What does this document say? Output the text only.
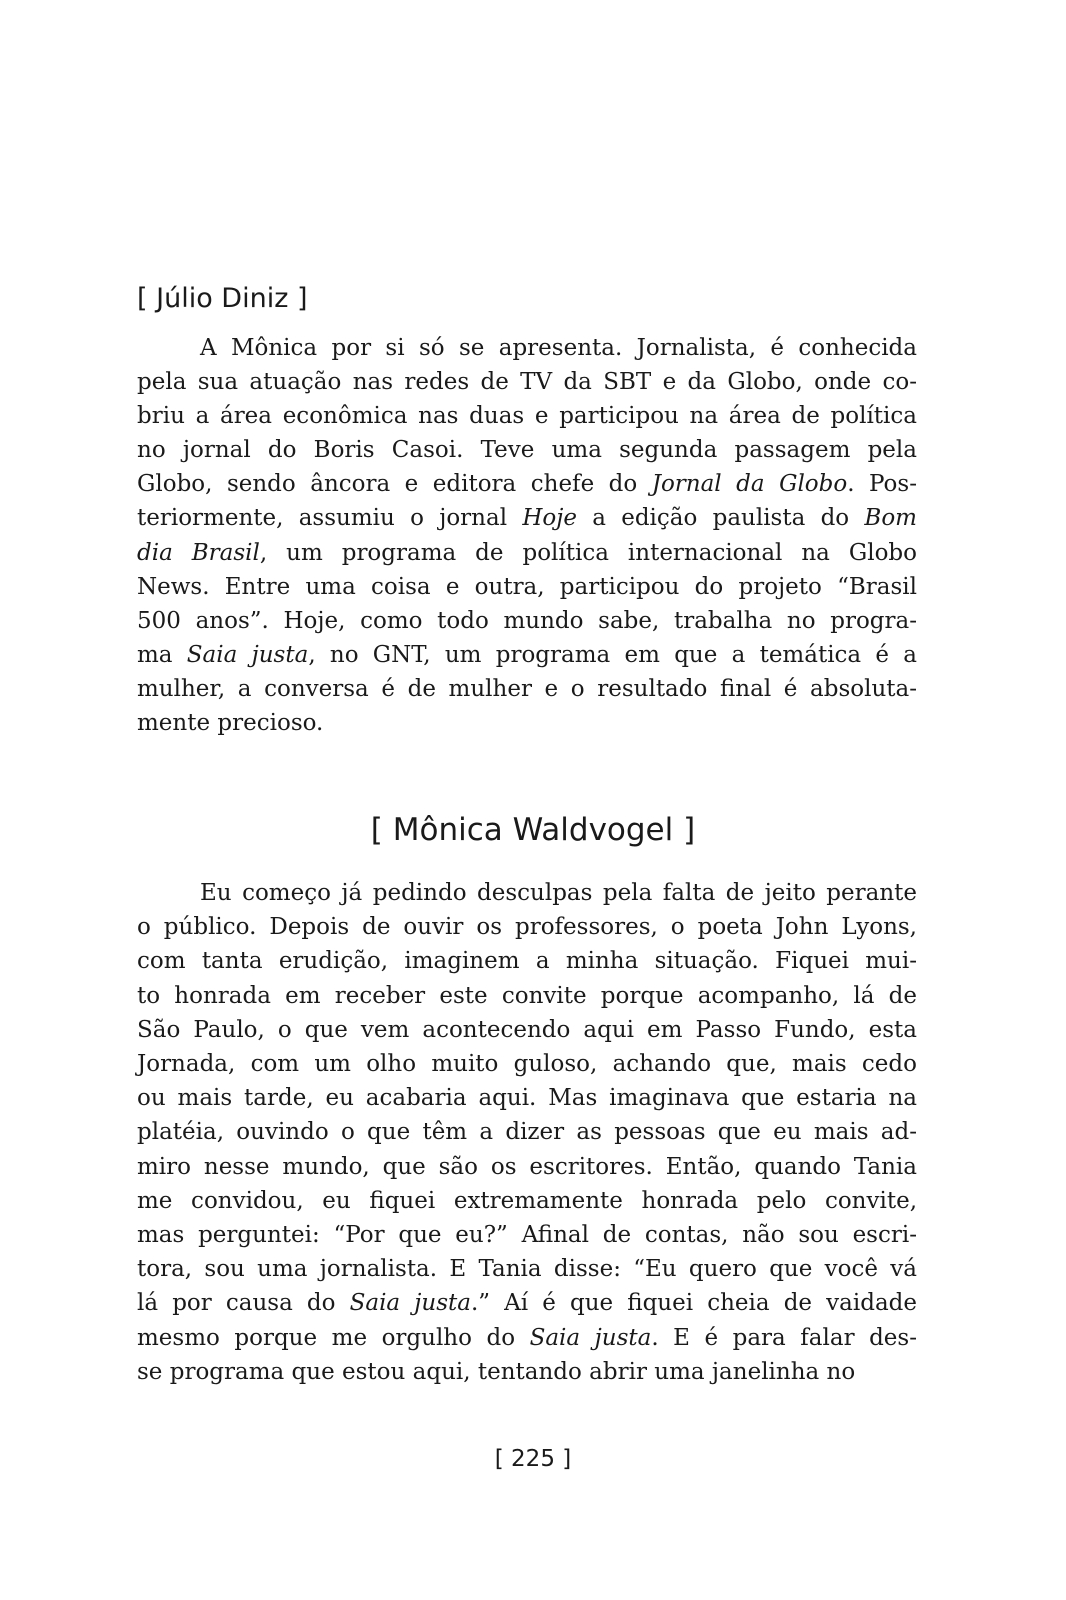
[ Júlio Diniz ]

A Mônica por si só se apresenta. Jornalista, é conhecida
pela sua atuação nas redes de TV da SBT e da Globo, onde co-
briu a área econômica nas duas e participou na área de política
no jornal do Boris Casoi. Teve uma segunda passagem pela
Globo, sendo âncora e editora chefe do Jornal da Globo. Pos-
teriormente, assumiu o jornal Hoje a edição paulista do Bom
dia Brasil, um programa de política internacional na Globo
News. Entre uma coisa e outra, participou do projeto “Brasil
500 anos”. Hoje, como todo mundo sabe, trabalha no progra-
ma Saia justa, no GNT, um programa em que a temática é a
mulher, a conversa é de mulher e o resultado final é absoluta-
mente precioso.

[ Mônica Waldvogel ]

Eu começo já pedindo desculpas pela falta de jeito perante
o público. Depois de ouvir os professores, o poeta John Lyons,
com tanta erudição, imaginem a minha situação. Fiquei mui-
to honrada em receber este convite porque acompanho, lá de
São Paulo, o que vem acontecendo aqui em Passo Fundo, esta
Jornada, com um olho muito guloso, achando que, mais cedo
ou mais tarde, eu acabaria aqui. Mas imaginava que estaria na
platéia, ouvindo o que têm a dizer as pessoas que eu mais ad-
miro nesse mundo, que são os escritores. Então, quando Tania
me convidou, eu fiquei extremamente honrada pelo convite,
mas perguntei: “Por que eu?” Afinal de contas, não sou escri-
tora, sou uma jornalista. E Tania disse: “Eu quero que você vá
lá por causa do Saia justa.” Aí é que fiquei cheia de vaidade
mesmo porque me orgulho do Saia justa. E é para falar des-
se programa que estou aqui, tentando abrir uma janelinha no

[ 225 ]
